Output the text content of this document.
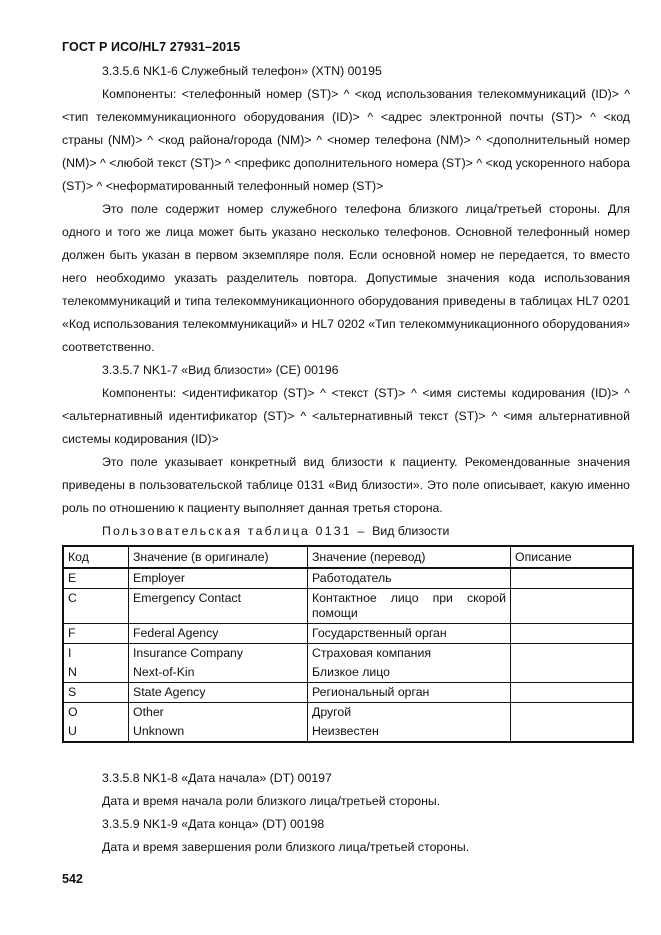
ГОСТ Р ИСО/HL7 27931–2015

3.3.5.6 NK1-6 Служебный телефон» (XTN) 00195

Компоненты: <телефонный номер (ST)> ^ <код использования телекоммуникаций (ID)> ^ <тип телекоммуникационного оборудования (ID)> ^ <адрес электронной почты (ST)> ^ <код страны (NM)> ^ <код района/города (NM)> ^ <номер телефона (NM)> ^ <дополнительный номер (NM)> ^ <любой текст (ST)> ^ <префикс дополнительного номера (ST)> ^ <код ускоренного набора (ST)> ^ <неформатированный телефонный номер (ST)>

Это поле содержит номер служебного телефона близкого лица/третьей стороны. Для одного и того же лица может быть указано несколько телефонов. Основной телефонный номер должен быть указан в первом экземпляре поля. Если основной номер не передается, то вместо него необходимо указать разделитель повтора. Допустимые значения кода использования телекоммуникаций и типа телекоммуникационного оборудования приведены в таблицах HL7 0201 «Код использования телекоммуникаций» и HL7 0202 «Тип телекоммуникационного оборудования» соответственно.

3.3.5.7 NK1-7 «Вид близости» (CE) 00196

Компоненты: <идентификатор (ST)> ^ <текст (ST)> ^ <имя системы кодирования (ID)> ^ <альтернативный идентификатор (ST)> ^ <альтернативный текст (ST)> ^ <имя альтернативной системы кодирования (ID)>

Это поле указывает конкретный вид близости к пациенту. Рекомендованные значения приведены в пользовательской таблице 0131 «Вид близости». Это поле описывает, какую именно роль по отношению к пациенту выполняет данная третья сторона.

Пользовательская таблица 0131 – Вид близости
Код	Значение (в оригинале)	Значение (перевод)	Описание
E	Employer	Работодатель	
C	Emergency Contact	Контактное лицо при скорой помощи	

F	Federal Agency	Государственный орган	
I	Insurance Company	Страховая компания	
N	Next-of-Kin	Близкое лицо	
S	State Agency	Региональный орган	
O	Other	Другой	
U	Unknown	Неизвестен	

3.3.5.8 NK1-8 «Дата начала» (DT) 00197

Дата и время начала роли близкого лица/третьей стороны.

3.3.5.9 NK1-9 «Дата конца» (DT) 00198

Дата и время завершения роли близкого лица/третьей стороны.

542
